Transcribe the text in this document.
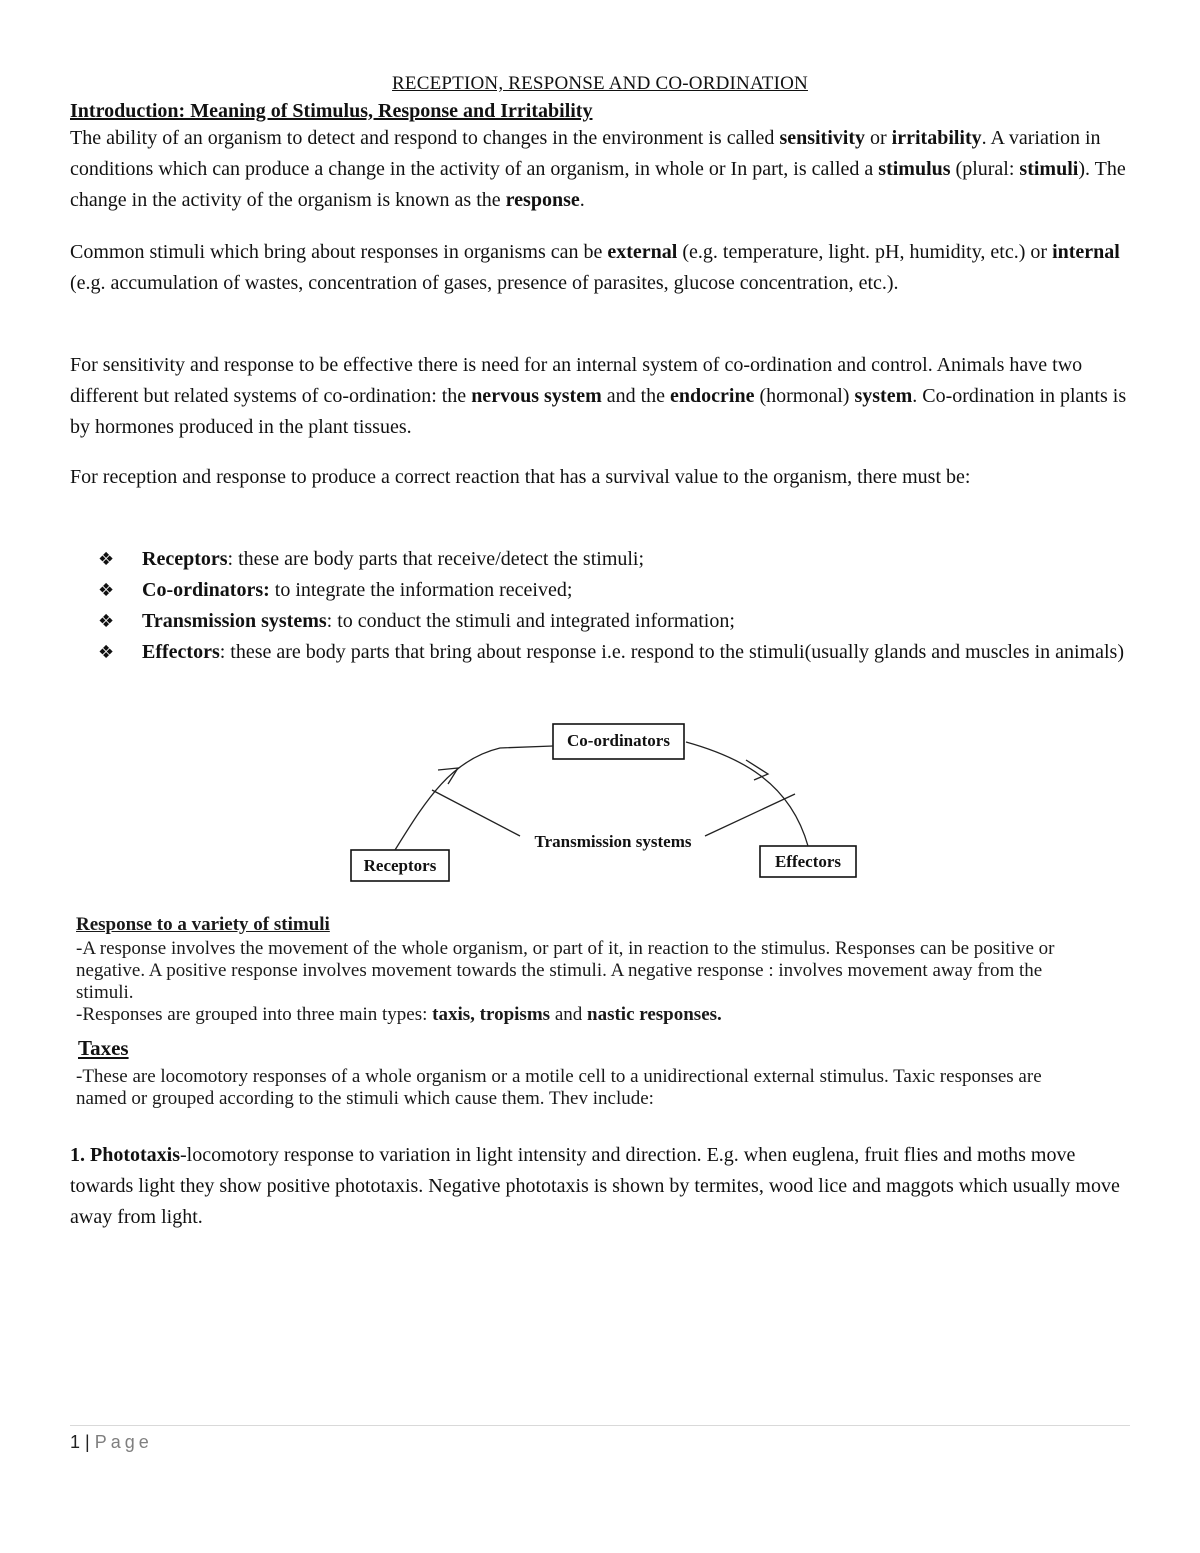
RECEPTION, RESPONSE AND CO-ORDINATION
Introduction: Meaning of Stimulus, Response and Irritability
The ability of an organism to detect and respond to changes in the environment is called sensitivity or irritability. A variation in conditions which can produce a change in the activity of an organism, in whole or In part, is called a stimulus (plural: stimuli). The change in the activity of the organism is known as the response.
Common stimuli which bring about responses in organisms can be external (e.g. temperature, light. pH, humidity, etc.) or internal (e.g. accumulation of wastes, concentration of gases, presence of parasites, glucose concentration, etc.).
For sensitivity and response to be effective there is need for an internal system of co-ordination and control. Animals have two different but related systems of co-ordination: the nervous system and the endocrine (hormonal) system. Co-ordination in plants is by hormones produced in the plant tissues.
For reception and response to produce a correct reaction that has a survival value to the organism, there must be:
❖	Receptors: these are body parts that receive/detect the stimuli;
❖	Co-ordinators: to integrate the information received;
❖	Transmission systems: to conduct the stimuli and integrated information;
❖	Effectors: these are body parts that bring about response i.e. respond to the stimuli(usually glands and muscles in animals)
Co-ordinators
Transmission systems
Receptors	Effectors
Response to a variety of stimuli
-A response involves the movement of the whole organism, or part of it, in reaction to the stimulus. Responses can be positive or negative. A positive response involves movement towards the stimuli. A negative response : involves movement away from the stimuli.
-Responses are grouped into three main types: taxis, tropisms and nastic responses.
Taxes
-These are locomotory responses of a whole organism or a motile cell to a unidirectional external stimulus. Taxic responses are named or grouped according to the stimuli which cause them. Thev include:
1. Phototaxis-locomotory response to variation in light intensity and direction. E.g. when euglena, fruit flies and moths move towards light they show positive phototaxis. Negative phototaxis is shown by termites, wood lice and maggots which usually move away from light.
1 | Page
